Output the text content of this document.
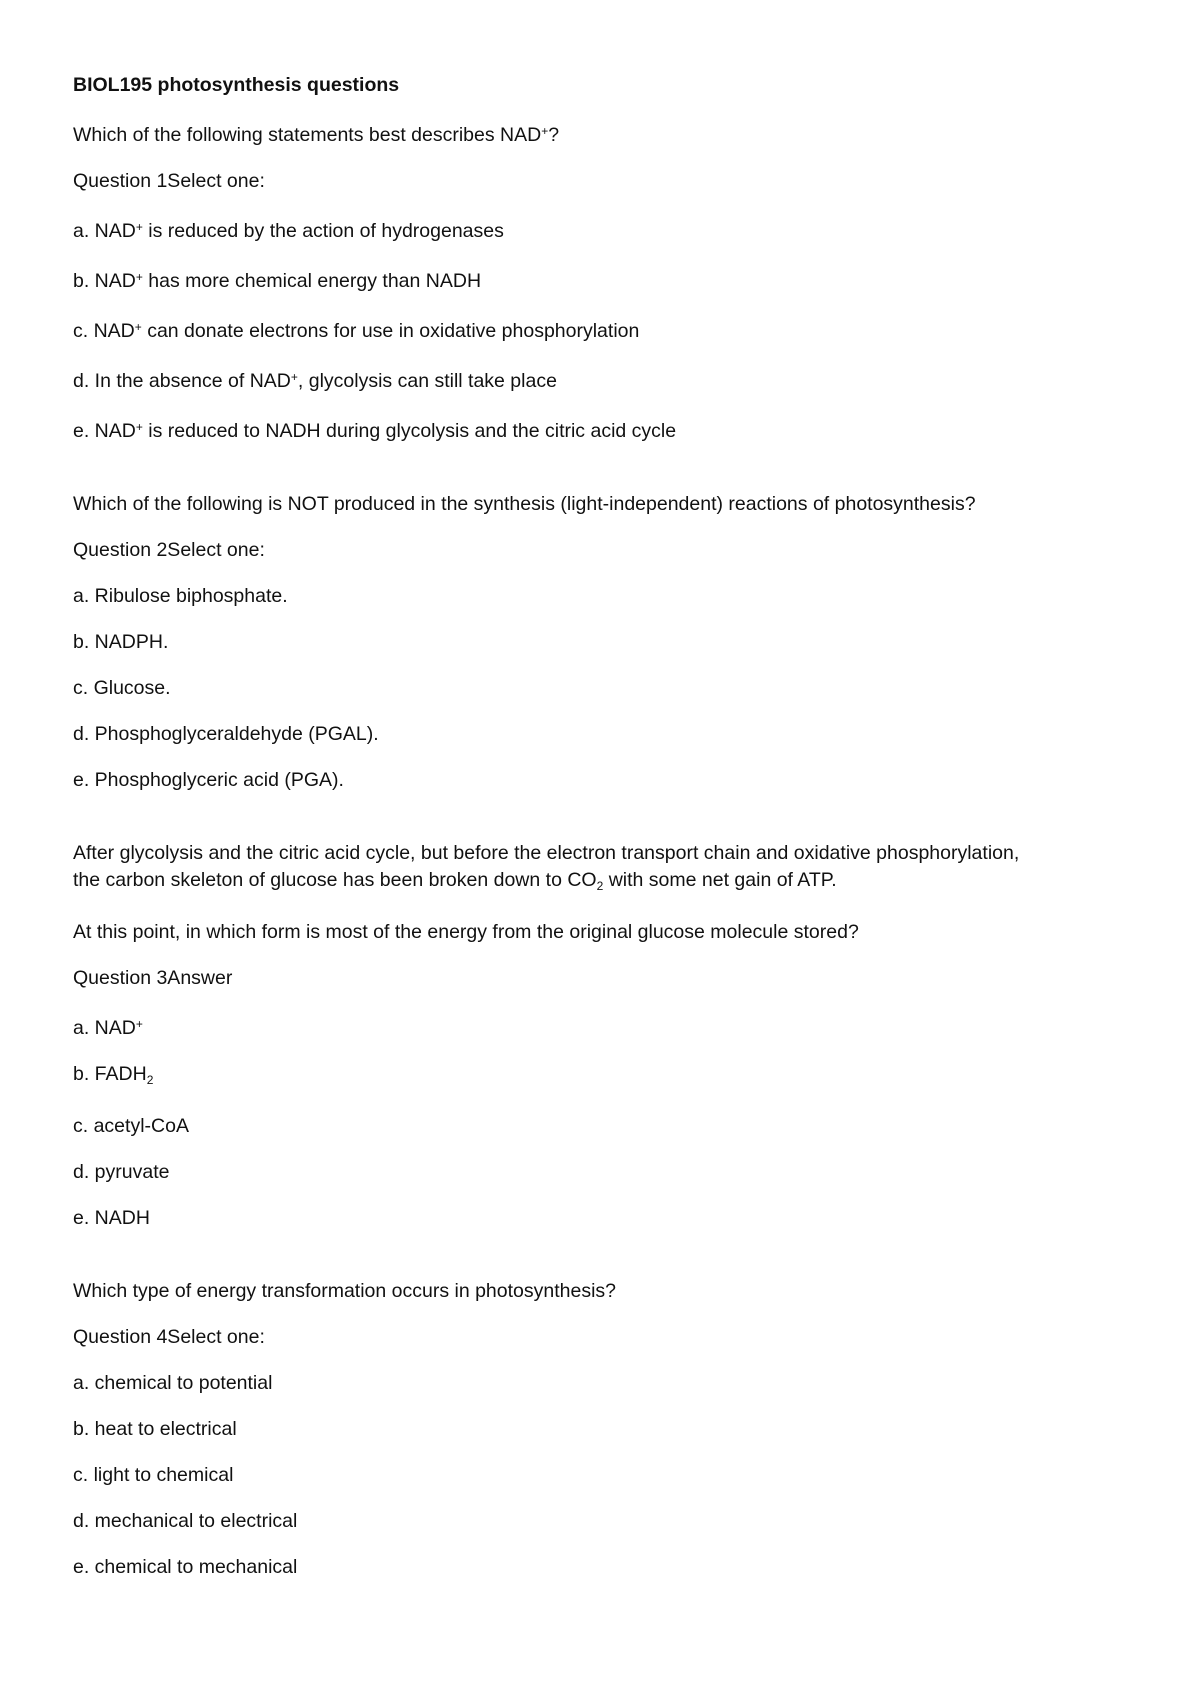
BIOL195 photosynthesis questions

Which of the following statements best describes NAD+?

Question 1Select one:

a. NAD+ is reduced by the action of hydrogenases

b. NAD+ has more chemical energy than NADH

c. NAD+ can donate electrons for use in oxidative phosphorylation

d. In the absence of NAD+, glycolysis can still take place

e. NAD+ is reduced to NADH during glycolysis and the citric acid cycle

Which of the following is NOT produced in the synthesis (light-independent) reactions of photosynthesis?

Question 2Select one:

a. Ribulose biphosphate.

b. NADPH.

c. Glucose.

d. Phosphoglyceraldehyde (PGAL).

e. Phosphoglyceric acid (PGA).

After glycolysis and the citric acid cycle, but before the electron transport chain and oxidative phosphorylation,

the carbon skeleton of glucose has been broken down to $CO_2$ with some net gain of ATP.

At this point, in which form is most of the energy from the original glucose molecule stored?

Question 3Answer

a. NAD+

b. $FADH_2$

c. acetyl-CoA

d. pyruvate

e. NADH

Which type of energy transformation occurs in photosynthesis?

Question 4Select one:

a. chemical to potential

b. heat to electrical

c. light to chemical

d. mechanical to electrical

e. chemical to mechanical
